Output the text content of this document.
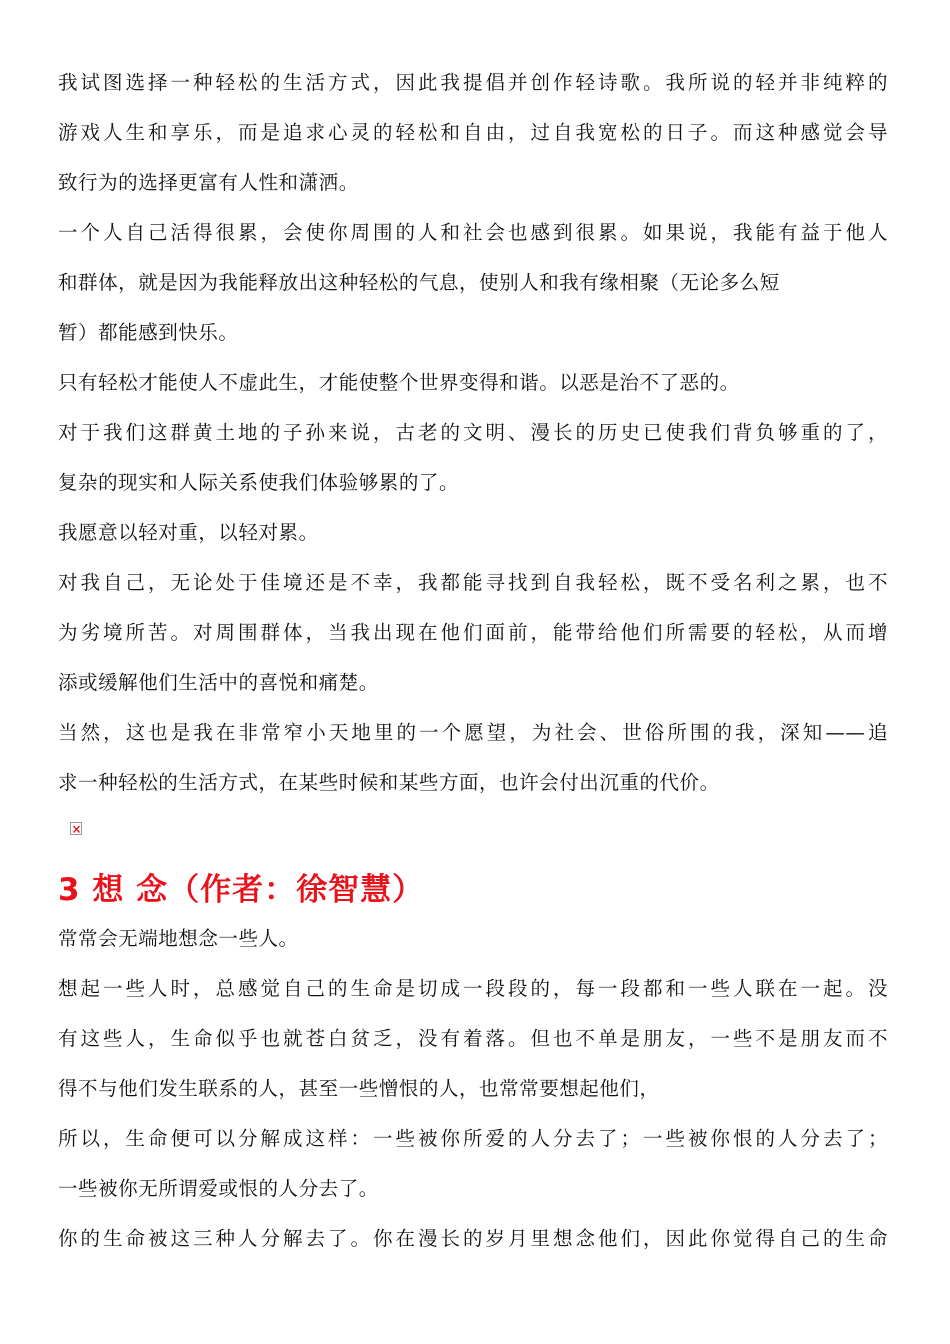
我试图选择一种轻松的生活方式，因此我提倡并创作轻诗歌。我所说的轻并非纯粹的
游戏人生和享乐，而是追求心灵的轻松和自由，过自我宽松的日子。而这种感觉会导
致行为的选择更富有人性和潇洒。
一个人自己活得很累，会使你周围的人和社会也感到很累。如果说，我能有益于他人
和群体，就是因为我能释放出这种轻松的气息，使别人和我有缘相聚（无论多么短
暂）都能感到快乐。
只有轻松才能使人不虚此生，才能使整个世界变得和谐。以恶是治不了恶的。
对于我们这群黄土地的子孙来说，古老的文明、漫长的历史已使我们背负够重的了，
复杂的现实和人际关系使我们体验够累的了。
我愿意以轻对重，以轻对累。
对我自己，无论处于佳境还是不幸，我都能寻找到自我轻松，既不受名利之累，也不
为劣境所苦。对周围群体，当我出现在他们面前，能带给他们所需要的轻松，从而增
添或缓解他们生活中的喜悦和痛楚。
当然，这也是我在非常窄小天地里的一个愿望，为社会、世俗所围的我，深知——追
求一种轻松的生活方式，在某些时候和某些方面，也许会付出沉重的代价。
3 想 念（作者：徐智慧）
常常会无端地想念一些人。
想起一些人时，总感觉自己的生命是切成一段段的，每一段都和一些人联在一起。没
有这些人，生命似乎也就苍白贫乏，没有着落。但也不单是朋友，一些不是朋友而不
得不与他们发生联系的人，甚至一些憎恨的人，也常常要想起他们，
所以，生命便可以分解成这样：一些被你所爱的人分去了；一些被你恨的人分去了；
一些被你无所谓爱或恨的人分去了。
你的生命被这三种人分解去了。你在漫长的岁月里想念他们，因此你觉得自己的生命
